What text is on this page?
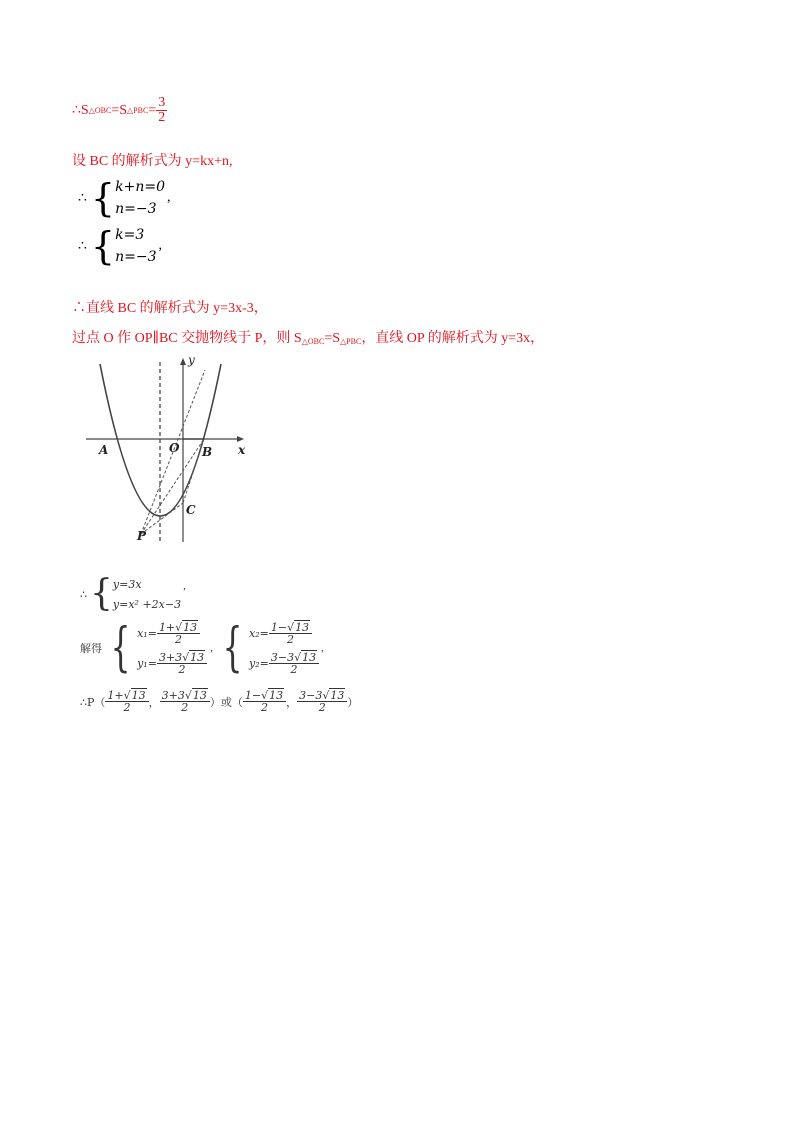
∴S △OBC =S △PBC = $\frac{3}{2}$
设 BC 的解析式为 y=kx+n,
∴ { k+n=0
n=−3
,
∴ { k=3
n=−3
,
∴直线 BC 的解析式为 y=3x-3，
过点 O 作 OP∥BC 交抛物线于 P，则 $S_{\triangle OBC}=S_{\triangle PBC}$，直线 OP 的解析式为 y=3x，
y
x
A	O B
C
P
∴ { y=3x
y=x² +2x−3
,
解得 { $x_1= \frac{1+√13}{2}$
$y_1= \frac{3+3√13}{2}$
, { $x_2= \frac{1-√13}{2}$
$y_2= \frac{3-3√13}{2}$
,
∴P（ $\frac{1+√13}{2}$ ， $\frac{3+3√13}{2}$ ）或（ $\frac{1-√13}{2}$ ， $\frac{3-3√13}{2}$ ）
